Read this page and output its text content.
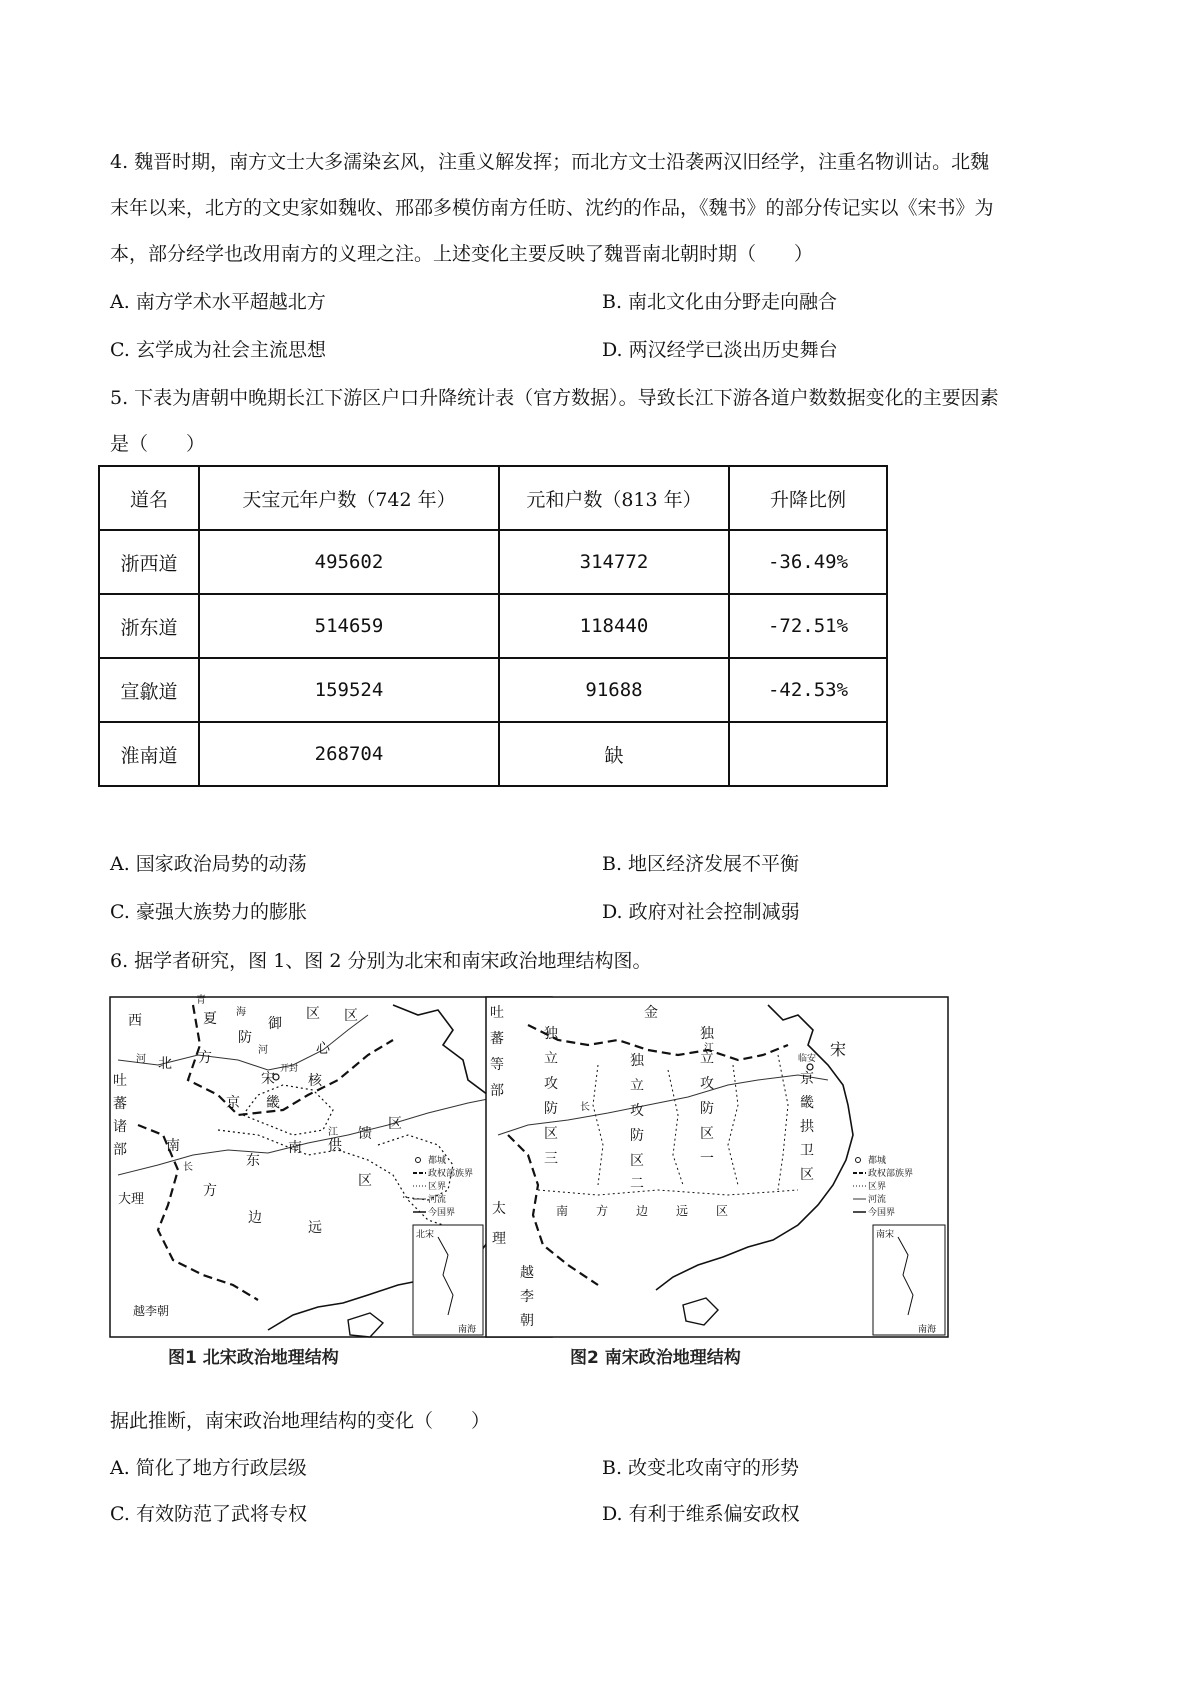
4. 魏晋时期，南方文士大多濡染玄风，注重义解发挥；而北方文士沿袭两汉旧经学，注重名物训诂。北魏
末年以来，北方的文史家如魏收、邢邵多模仿南方任昉、沈约的作品，《魏书》的部分传记实以《宋书》为
本，部分经学也改用南方的义理之注。上述变化主要反映了魏晋南北朝时期（　　）
A. 南方学术水平超越北方	B. 南北文化由分野走向融合
C. 玄学成为社会主流思想	D. 两汉经学已淡出历史舞台
5. 下表为唐朝中晚期长江下游区户口升降统计表（官方数据）。导致长江下游各道户数数据变化的主要因素
是（　　）
道名	天宝元年户数（742 年）	元和户数（813 年）	升降比例
浙西道	495602	314772	-36.49%
浙东道	514659	118440	-72.51%
宣歙道	159524	91688	-42.53%
淮南道	268704	缺	
A. 国家政治局势的动荡	B. 地区经济发展不平衡
C. 豪强大族势力的膨胀	D. 政府对社会控制减弱
6. 据学者研究，图 1、图 2 分别为北宋和南宋政治地理结构图。
西
青
夏 海
防
御
区 区
北 方
心
河
河
吐
蕃
诸
部
宋
开封
核
京 畿
江
南
长	东
南 供
馈
区
区
方
边
远
大理
越李朝
都城
政权部族界
区界
河流
今国界
北宋
南海
图1 北宋政治地理结构
吐
蕃
等
部
金
独
立
攻
防
区
三
独
立
攻
防
区
二
独
立
攻
防
区
一
江
长
临安 宋
京
畿
拱
卫
区
太
理
越
李
朝
南 方 边 远 区
都城
政权部族界
区界
河流
今国界
南宋
南海
图2 南宋政治地理结构
据此推断，南宋政治地理结构的变化（　　）
A. 简化了地方行政层级	B. 改变北攻南守的形势
C. 有效防范了武将专权	D. 有利于维系偏安政权
